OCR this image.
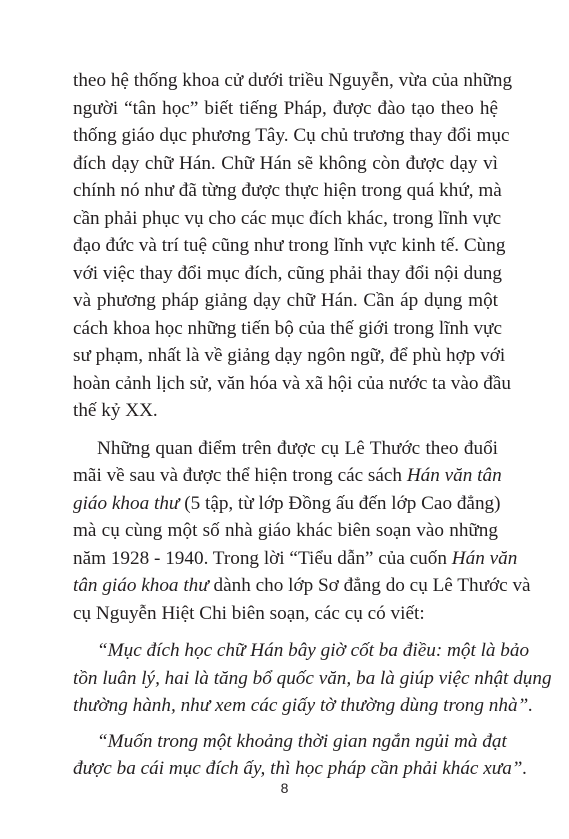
theo hệ thống khoa cử dưới triều Nguyễn, vừa của những
người “tân học” biết tiếng Pháp, được đào tạo theo hệ
thống giáo dục phương Tây. Cụ chủ trương thay đổi mục
đích dạy chữ Hán. Chữ Hán sẽ không còn được dạy vì
chính nó như đã từng được thực hiện trong quá khứ, mà
cần phải phục vụ cho các mục đích khác, trong lĩnh vực
đạo đức và trí tuệ cũng như trong lĩnh vực kinh tế. Cùng
với việc thay đổi mục đích, cũng phải thay đổi nội dung
và phương pháp giảng dạy chữ Hán. Cần áp dụng một
cách khoa học những tiến bộ của thế giới trong lĩnh vực
sư phạm, nhất là về giảng dạy ngôn ngữ, để phù hợp với
hoàn cảnh lịch sử, văn hóa và xã hội của nước ta vào đầu
thế kỷ XX.
Những quan điểm trên được cụ Lê Thước theo đuổi
mãi về sau và được thể hiện trong các sách Hán văn tân
giáo khoa thư (5 tập, từ lớp Đồng ấu đến lớp Cao đẳng)
mà cụ cùng một số nhà giáo khác biên soạn vào những
năm 1928 - 1940. Trong lời “Tiểu dẫn” của cuốn Hán văn
tân giáo khoa thư dành cho lớp Sơ đẳng do cụ Lê Thước và
cụ Nguyễn Hiệt Chi biên soạn, các cụ có viết:
“Mục đích học chữ Hán bây giờ cốt ba điều: một là bảo
tồn luân lý, hai là tăng bổ quốc văn, ba là giúp việc nhật dụng
thường hành, như xem các giấy tờ thường dùng trong nhà”.
“Muốn trong một khoảng thời gian ngắn ngủi mà đạt
được ba cái mục đích ấy, thì học pháp cần phải khác xưa”.
8
